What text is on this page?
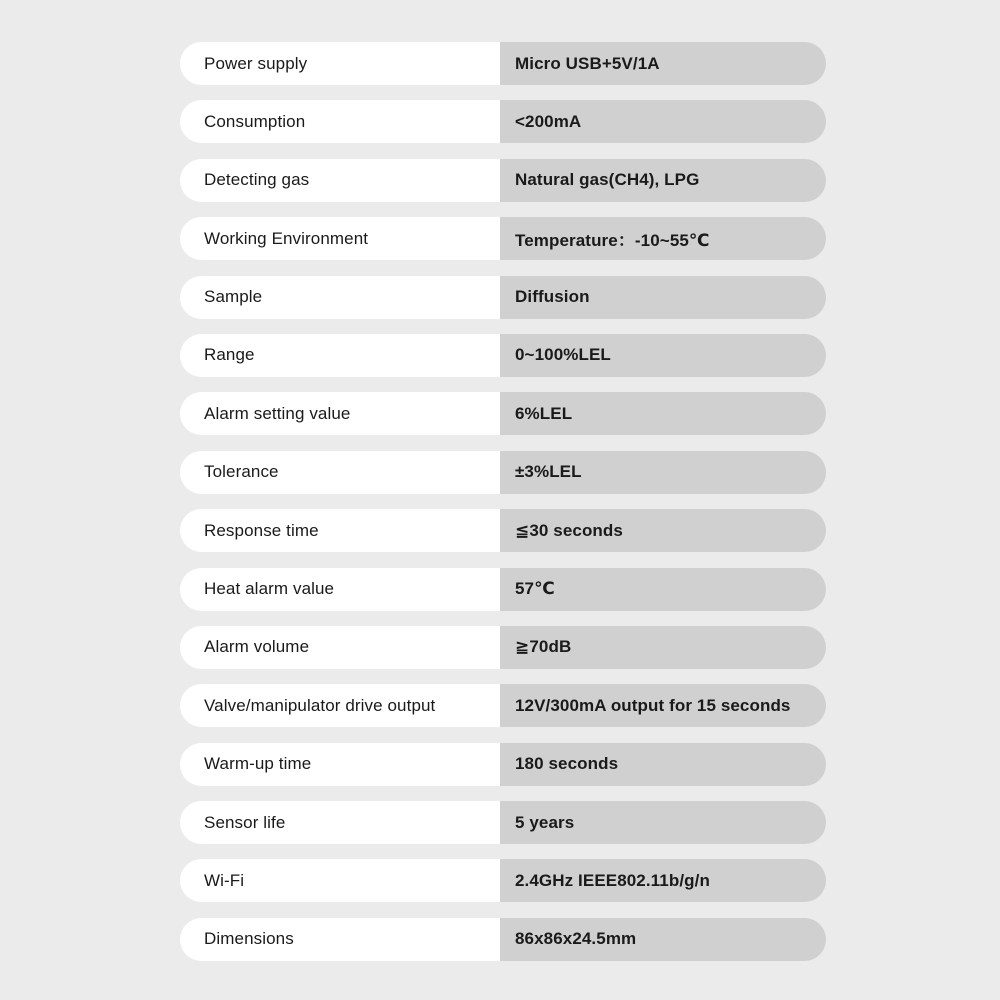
Power supply	Micro USB+5V/1A
Consumption	<200mA
Detecting gas	Natural gas(CH4), LPG
Working Environment	Temperature：-10~55℃
Sample	Diffusion
Range	0~100%LEL
Alarm setting value	6%LEL
Tolerance	±3%LEL
Response time	≦30 seconds
Heat alarm value	57℃
Alarm volume	≧70dB
Valve/manipulator drive output	12V/300mA output for 15 seconds
Warm-up time	180 seconds
Sensor life	5 years
Wi-Fi	2.4GHz IEEE802.11b/g/n
Dimensions	86x86x24.5mm
